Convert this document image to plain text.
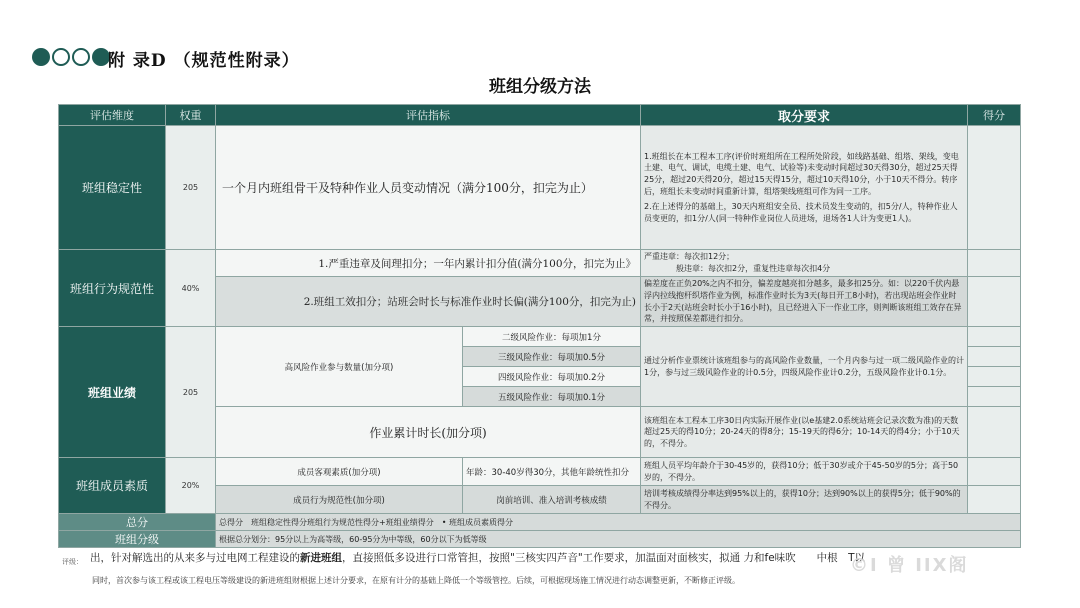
附 录D （规范性附录）
班组分级方法
评估维度	权重	评估指标		取分要求	得分
班组稳定性	205	一个月内班组骨干及特种作业人员变动情况（满分100分，扣完为止）		1.班组长在本工程本工序(评价时班组所在工程所处阶段，如线路基础、组塔、架线，变电土建、电气、调试，电缆土建、电气、试验等)未变动时间超过30天得30分，超过25天得25分，超过20天得20分，超过15天得15分，超过10天得10分，小于10天不得分。转序后，班组长未变动时间重新计算，组塔架线班组可作为同一工序。
2.在上述得分的基础上，30天内班组安全员、技术员发生变动的，扣5分/人，特种作业人员变更的，扣1分/人(同一特种作业岗位人员进场，退场各1人计为变更1人)。	

班组行为规范性	40%	1.严重违章及间理扣分；一年内累计扣分值(满分100分，扣完为止》		严重违章：每次扣12分；
般违章：每次扣2分，重复性违章每次扣4分	

		2.班组工效扣分；站班会时长与标准作业时长偏(满分100分，扣完为止)		偏差度在正负20%之内不扣分，偏差度越亮扣分越多，最多扣25分。如：以220千伏内悬浮内拉线抱杆织塔作业为例，标准作业时长为3天(每日开工8小时)，若出现站班会作业时长小于2天(站班会时长小于16小时)，且已经进入下一作业工序，则判断该班组工效存在异常，并按照保差都进行扣分。	
班组业绩	205	高风险作业参与数量(加分项)	二级风险作业：每项加1分	通过分析作业票统计该班组参与的高风险作业数量，一个月内参与过一项二级风险作业的计1分，参与过三级风险作业的计0.5分，四级风险作业计0.2分，五级风险作业计0.1分。	
			三级风险作业：每项加0.5分		
			四级风险作业：每项加0.2分		
			五级风险作业：每项加0.1分		
		作业累计时长(加分项)		该班组在本工程本工序30日内实际开展作业(以e基建2.0系统站班会记录次数为准)的天数超过25天的得10分；20-24天的得8分；15-19天的得6分；10-14天的得4分；小于10天的，不得分。	
班组成员素质	20%	成员客观素质(加分项)	年龄：30-40岁得30分，其他年龄统性扣分	班组人员平均年龄介于30-45岁的，获得10分；低于30岁或介于45-50岁的5分；高于50岁的，不得分。	
		成员行为规范性(加分项)	岗前培训、准入培训考核成绩	培训考核成绩得分率达到95%以上的，获得10分；达到90%以上的获得5分；低于90%的不得分。	
总分		总得分　班组稳定性得分班组行为规范性得分+班组业绩得分　• 班组成员素质得分			
班组分级		根据总分划分：95分以上为高等级，60-95分为中等级，60分以下为低等级			
评级： 出，针对解选出的从来多与过电网工程建设的新进班组，直接照低多设进行口常管担，按照"三核实四芦音"工作要求，加温面对面核实，拟通 力和fe味吹　　中根　T以
同时，首次参与该工程或该工程电压等级建设的新进班组财根据上述计分要求，在原有计分的基础上降低一个等级管控。后续，可根据现场施工情况进行动态调整更新，不断修正评级。
©I 曾 IIX阁
